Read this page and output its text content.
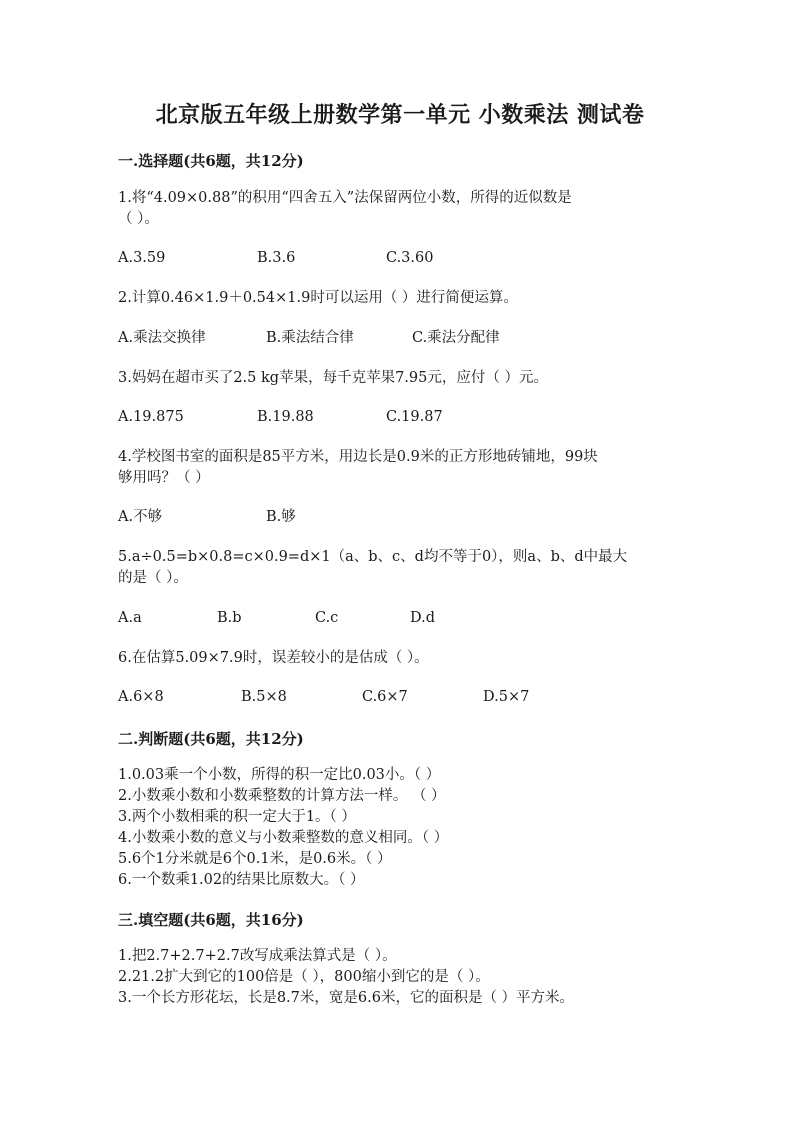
北京版五年级上册数学第一单元 小数乘法 测试卷
一.选择题(共6题，共12分)
1.将“4.09×0.88”的积用“四舍五入”法保留两位小数，所得的近似数是
（ ）。
A.3.59	B.3.6	C.3.60
2.计算0.46×1.9＋0.54×1.9时可以运用（ ）进行简便运算。
A.乘法交换律	B.乘法结合律	C.乘法分配律
3.妈妈在超市买了2.5 kg苹果，每千克苹果7.95元，应付（ ）元。
A.19.875	B.19.88	C.19.87
4.学校图书室的面积是85平方米，用边长是0.9米的正方形地砖铺地，99块
够用吗？（ ）
A.不够	B.够
5.a÷0.5=b×0.8=c×0.9=d×1（a、b、c、d均不等于0），则a、b、d中最大
的是（ ）。
A.a	B.b	C.c	D.d
6.在估算5.09×7.9时，误差较小的是估成（ ）。
A.6×8	B.5×8	C.6×7	D.5×7
二.判断题(共6题，共12分)
1.0.03乘一个小数，所得的积一定比0.03小。（ ）
2.小数乘小数和小数乘整数的计算方法一样。 （ ）
3.两个小数相乘的积一定大于1。（ ）
4.小数乘小数的意义与小数乘整数的意义相同。（ ）
5.6个1分米就是6个0.1米，是0.6米。（ ）
6.一个数乘1.02的结果比原数大。（ ）
三.填空题(共6题，共16分)
1.把2.7+2.7+2.7改写成乘法算式是（ ）。
2.21.2扩大到它的100倍是（ ），800缩小到它的是（ ）。
3.一个长方形花坛，长是8.7米，宽是6.6米，它的面积是（ ）平方米。
